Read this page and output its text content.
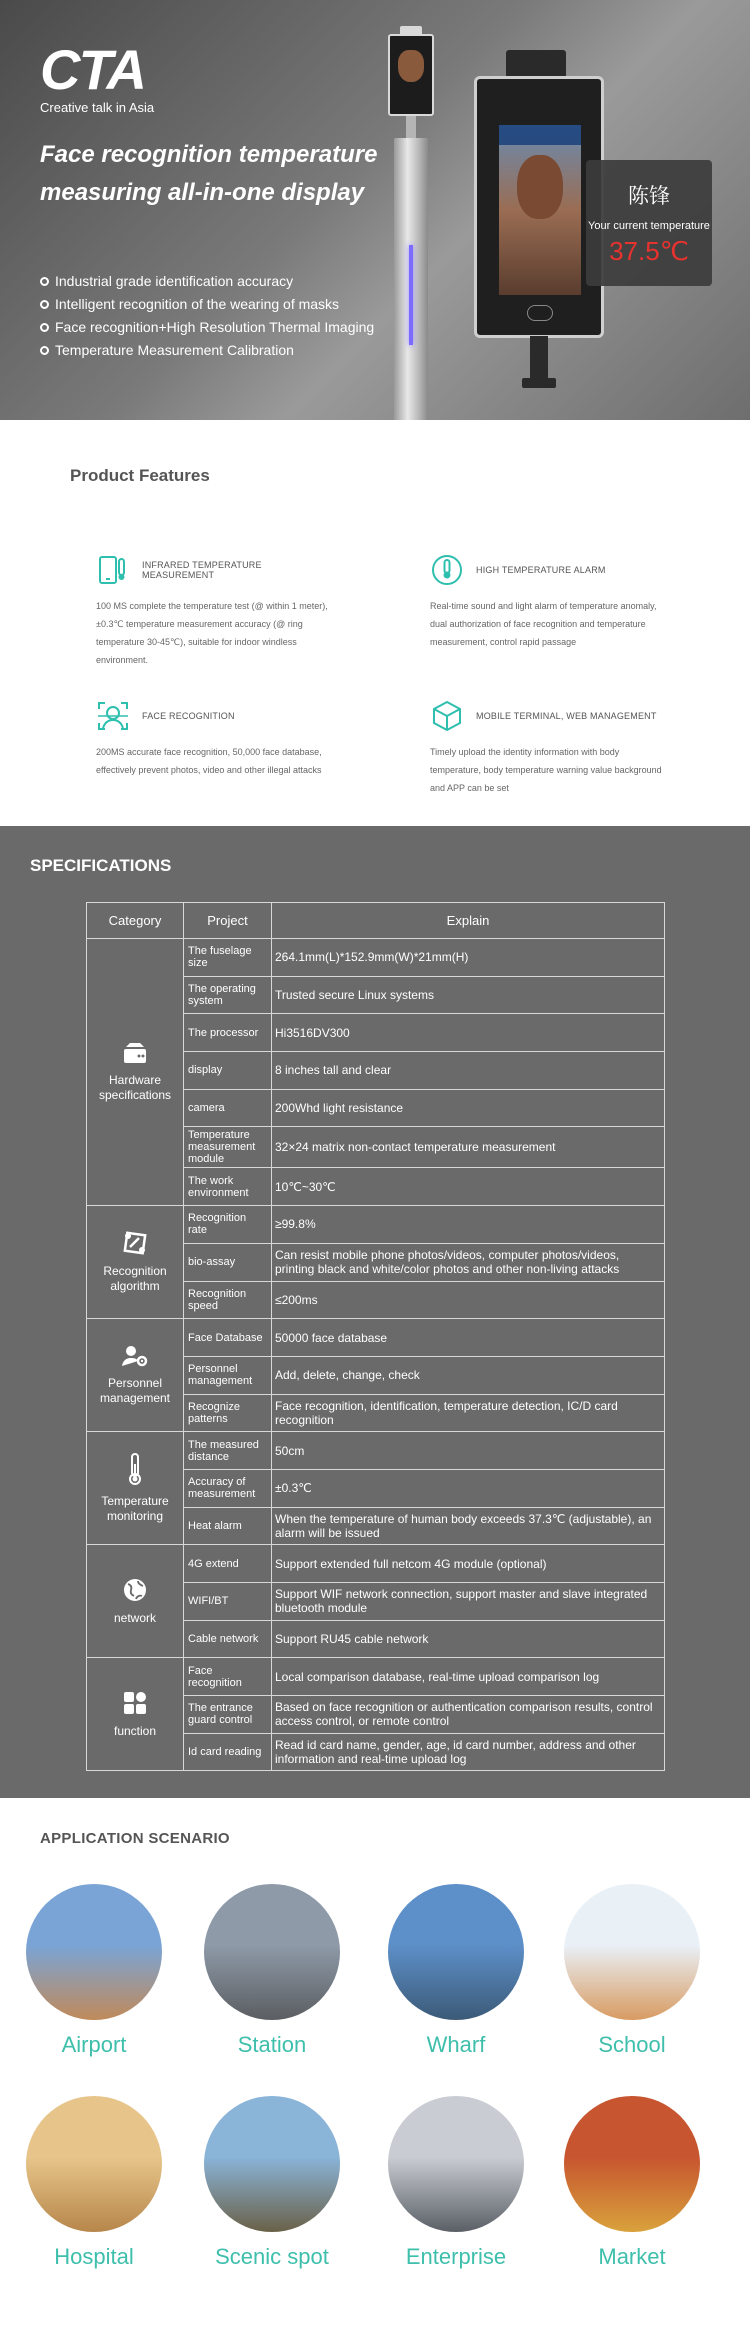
CTA
Creative talk in Asia
Face recognition temperature measuring all-in-one display
Industrial grade identification accuracy
Intelligent recognition of the wearing of masks
Face recognition+High Resolution Thermal Imaging
Temperature Measurement Calibration
陈锋
Your current temperature
37.5℃
Product Features
INFRARED TEMPERATURE MEASUREMENT

100 MS complete the temperature test (@ within 1 meter), ±0.3℃ temperature measurement accuracy (@ ring temperature 30-45℃), suitable for indoor windless environment.

HIGH TEMPERATURE ALARM

Real-time sound and light alarm of temperature anomaly, dual authorization of face recognition and temperature measurement, control rapid passage

FACE RECOGNITION

200MS accurate face recognition, 50,000 face database, effectively prevent photos, video and other illegal attacks

MOBILE TERMINAL, WEB MANAGEMENT

Timely upload the identity information with body temperature, body temperature warning value background and APP can be set

SPECIFICATIONS
Category	Project	Explain

Hardware specifications	The fuselage size	264.1mm(L)*152.9mm(W)*21mm(H)
	The operating system	Trusted secure Linux systems
	The processor	Hi3516DV300
	display	8 inches tall and clear
	camera	200Whd light resistance
	Temperature measurement module	32×24 matrix non-contact temperature measurement
	The work environment	10℃~30℃

Recognition algorithm	Recognition rate	≥99.8%
	bio-assay	Can resist mobile phone photos/videos, computer photos/videos, printing black and white/color photos and other non-living attacks
	Recognition speed	≤200ms

Personnel management	Face Database	50000 face database
	Personnel management	Add, delete, change, check
	Recognize patterns	Face recognition, identification, temperature detection, IC/D card recognition

Temperature monitoring	The measured distance	50cm
	Accuracy of measurement	±0.3℃
	Heat alarm	When the temperature of human body exceeds 37.3℃ (adjustable), an alarm will be issued

network	4G extend	Support extended full netcom 4G module (optional)
	WIFI/BT	Support WIF network connection, support master and slave integrated bluetooth module
	Cable network	Support RU45 cable network

function	Face recognition	Local comparison database, real-time upload comparison log
	The entrance guard control	Based on face recognition or authentication comparison results, control access control, or remote control
	Id card reading	Read id card name, gender, age, id card number, address and other information and real-time upload log
APPLICATION SCENARIO
Airport	Station	Wharf	School
Hospital	Scenic spot	Enterprise	Market
